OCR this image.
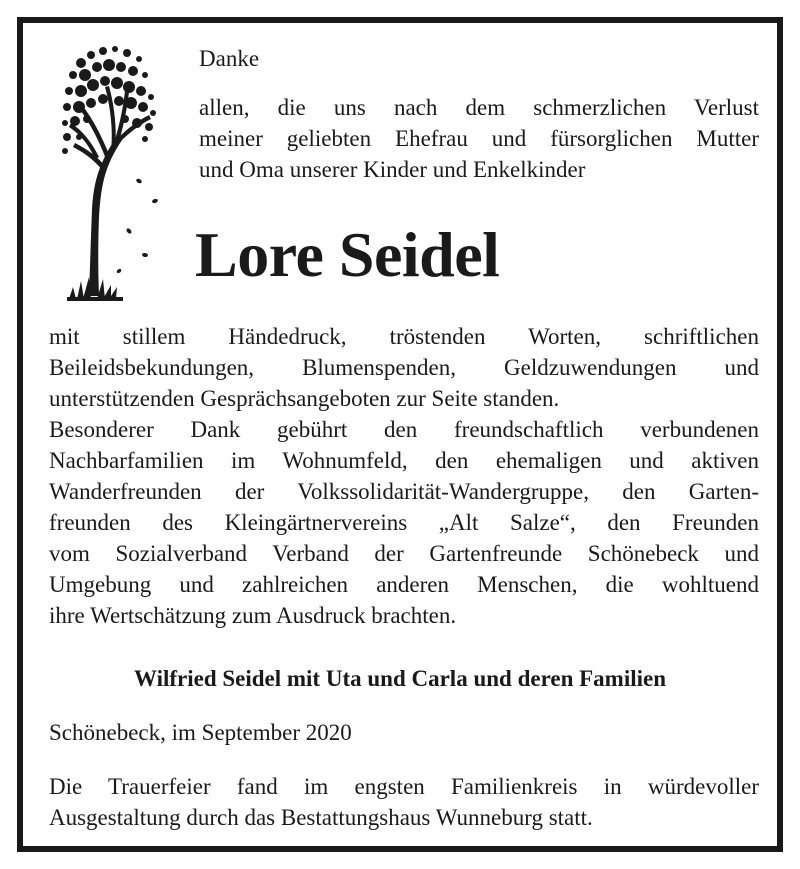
Danke
allen, die uns nach dem schmerzlichen Verlust
meiner geliebten Ehefrau und fürsorglichen Mutter
und Oma unserer Kinder und Enkelkinder
Lore Seidel
mit stillem Händedruck, tröstenden Worten, schriftlichen
Beileidsbekundungen, Blumenspenden, Geldzuwendungen und
unterstützenden Gesprächsangeboten zur Seite standen.
Besonderer Dank gebührt den freundschaftlich verbundenen
Nachbarfamilien im Wohnumfeld, den ehemaligen und aktiven
Wanderfreunden der Volkssolidarität-Wandergruppe, den Garten-
freunden des Kleingärtnervereins „Alt Salze“, den Freunden
vom Sozialverband Verband der Gartenfreunde Schönebeck und
Umgebung und zahlreichen anderen Menschen, die wohltuend
ihre Wertschätzung zum Ausdruck brachten.
Wilfried Seidel mit Uta und Carla und deren Familien
Schönebeck, im September 2020
Die Trauerfeier fand im engsten Familienkreis in würdevoller
Ausgestaltung durch das Bestattungshaus Wunneburg statt.
